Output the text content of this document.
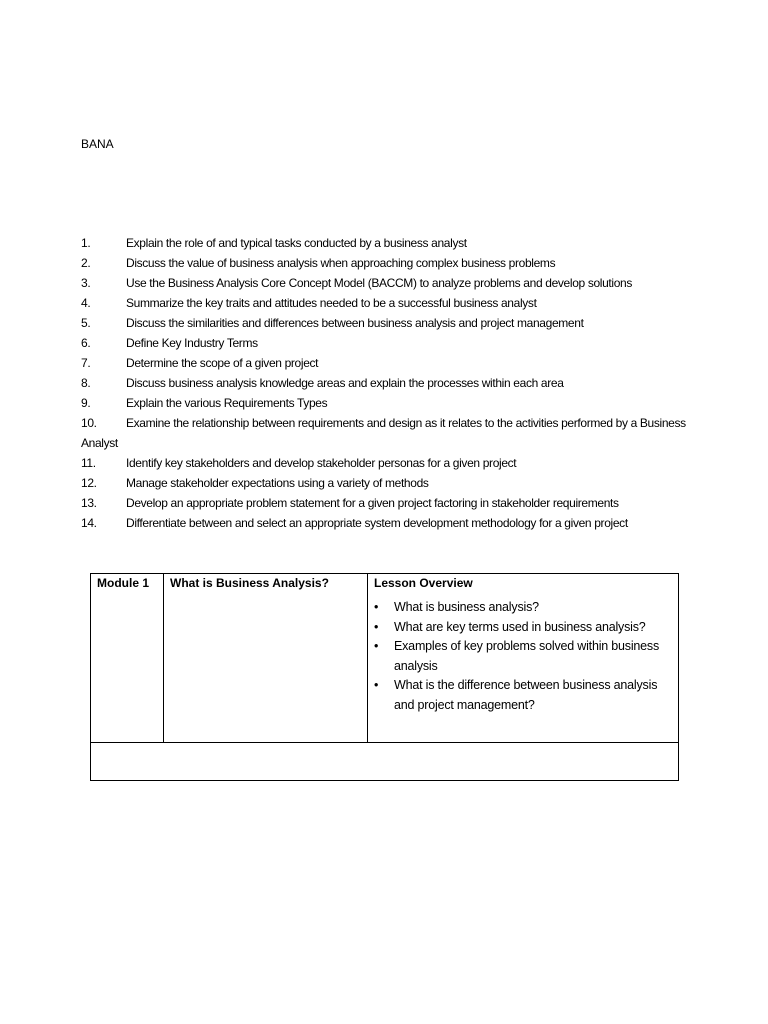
BANA
1.	Explain the role of and typical tasks conducted by a business analyst
2.	Discuss the value of business analysis when approaching complex business problems
3.	Use the Business Analysis Core Concept Model (BACCM) to analyze problems and develop solutions
4.	Summarize the key traits and attitudes needed to be a successful business analyst
5.	Discuss the similarities and differences between business analysis and project management
6.	Define Key Industry Terms
7.	Determine the scope of a given project
8.	Discuss business analysis knowledge areas and explain the processes within each area
9.	Explain the various Requirements Types
10. Examine the relationship between requirements and design as it relates to the activities performed by a Business Analyst
11.	Identify key stakeholders and develop stakeholder personas for a given project
12. Manage stakeholder expectations using a variety of methods
13. Develop an appropriate problem statement for a given project factoring in stakeholder requirements
14. Differentiate between and select an appropriate system development methodology for a given project
Module 1	What is Business Analysis?	Lesson Overview
• What is business analysis?
• What are key terms used in business analysis?
• Examples of key problems solved within business analysis
• What is the difference between business analysis and project management?
